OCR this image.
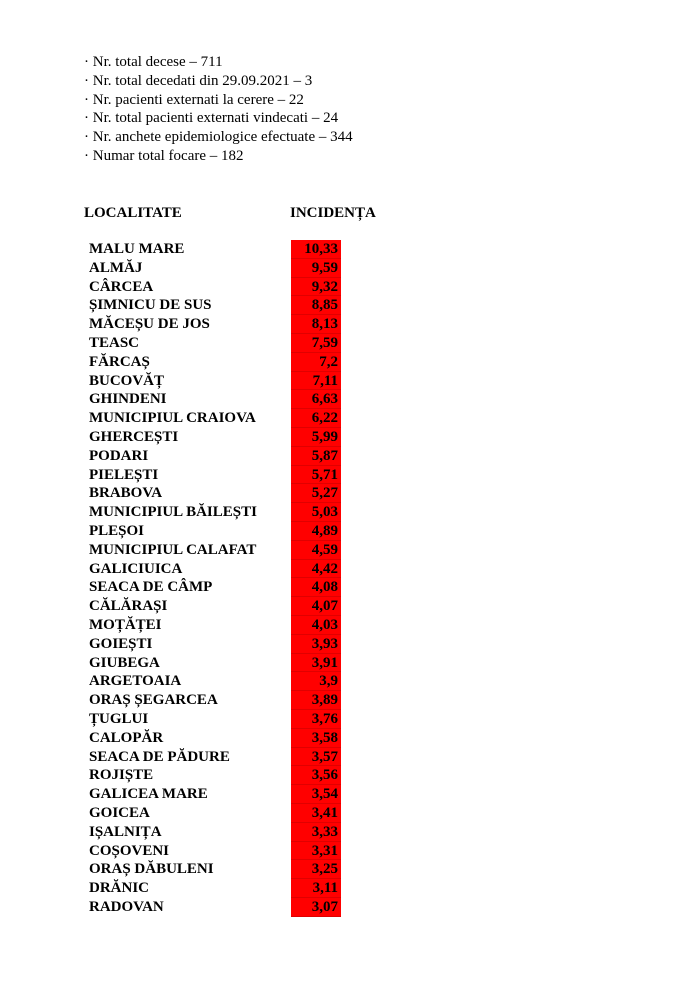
· Nr. total decese – 711
· Nr. total decedati din 29.09.2021 – 3
· Nr. pacienti externati la cerere – 22
· Nr. total pacienti externati vindecati – 24
· Nr. anchete epidemiologice efectuate – 344
· Numar total focare – 182
LOCALITATE	INCIDENȚA
MALU MARE	10,33
ALMĂJ	9,59
CÂRCEA	9,32
ȘIMNICU DE SUS	8,85
MĂCEȘU DE JOS	8,13
TEASC	7,59
FĂRCAȘ	7,2
BUCOVĂȚ	7,11
GHINDENI	6,63
MUNICIPIUL CRAIOVA	6,22
GHERCEȘTI	5,99
PODARI	5,87
PIELEȘTI	5,71
BRABOVA	5,27
MUNICIPIUL BĂILEȘTI	5,03
PLEȘOI	4,89
MUNICIPIUL CALAFAT	4,59
GALICIUICA	4,42
SEACA DE CÂMP	4,08
CĂLĂRAȘI	4,07
MOȚĂȚEI	4,03
GOIEȘTI	3,93
GIUBEGA	3,91
ARGETOAIA	3,9
ORAȘ ȘEGARCEA	3,89
ȚUGLUI	3,76
CALOPĂR	3,58
SEACA DE PĂDURE	3,57
ROJIȘTE	3,56
GALICEA MARE	3,54
GOICEA	3,41
IȘALNIȚA	3,33
COȘOVENI	3,31
ORAȘ DĂBULENI	3,25
DRĂNIC	3,11
RADOVAN	3,07
